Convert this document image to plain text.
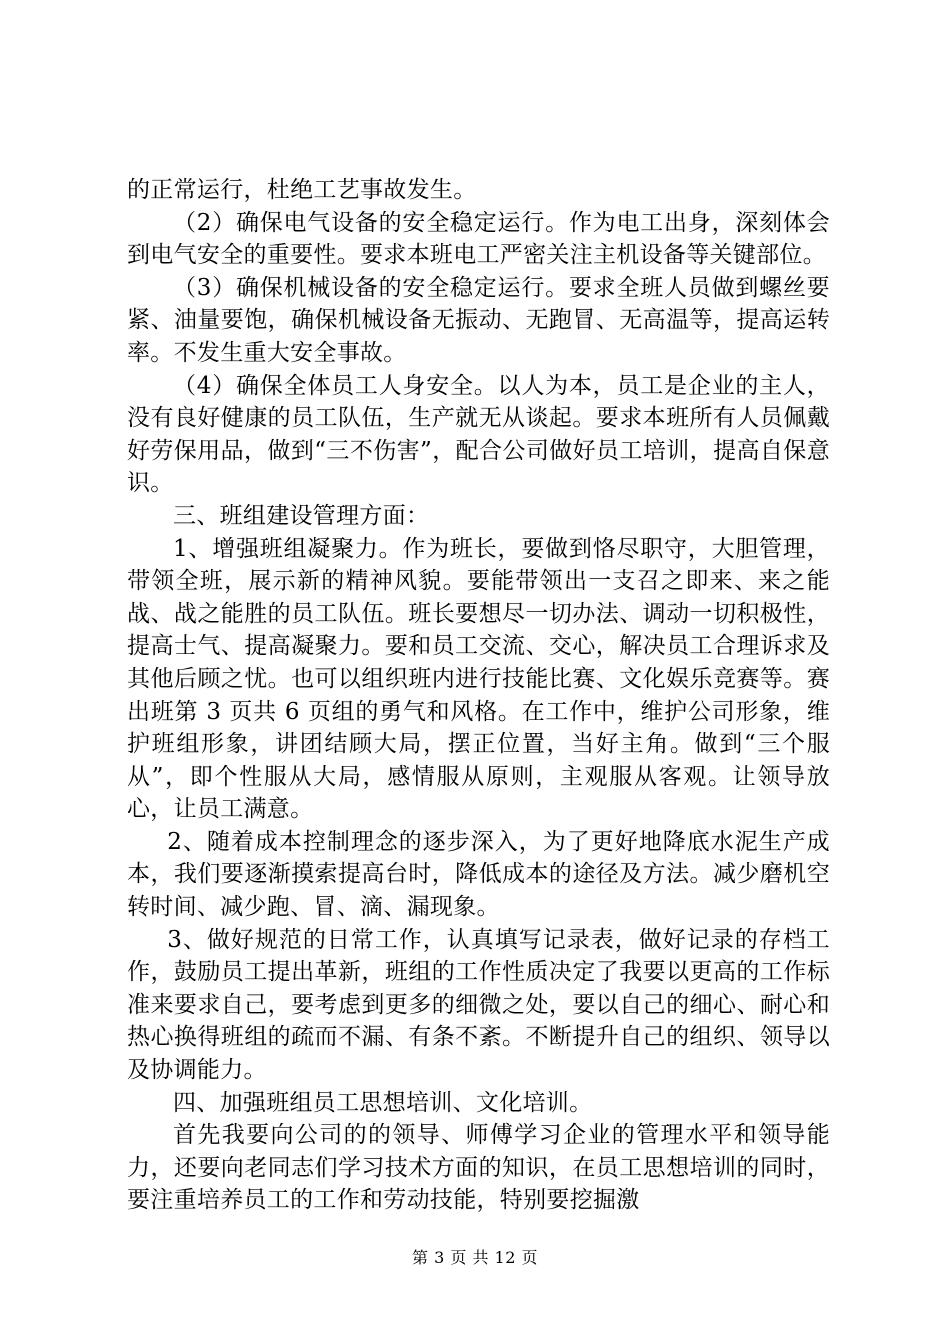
的正常运行，杜绝工艺事故发生。

（2）确保电气设备的安全稳定运行。作为电工出身，深刻体会到电气安全的重要性。要求本班电工严密关注主机设备等关键部位。

（3）确保机械设备的安全稳定运行。要求全班人员做到螺丝要紧、油量要饱，确保机械设备无振动、无跑冒、无高温等，提高运转率。不发生重大安全事故。

（4）确保全体员工人身安全。以人为本，员工是企业的主人，没有良好健康的员工队伍，生产就无从谈起。要求本班所有人员佩戴好劳保用品，做到“三不伤害”，配合公司做好员工培训，提高自保意识。

三、班组建设管理方面：

1、增强班组凝聚力。作为班长，要做到恪尽职守，大胆管理，带领全班，展示新的精神风貌。要能带领出一支召之即来、来之能战、战之能胜的员工队伍。班长要想尽一切办法、调动一切积极性，提高士气、提高凝聚力。要和员工交流、交心，解决员工合理诉求及其他后顾之忧。也可以组织班内进行技能比赛、文化娱乐竞赛等。赛出班第 3 页共 6 页组的勇气和风格。在工作中，维护公司形象，维护班组形象，讲团结顾大局，摆正位置，当好主角。做到“三个服从”，即个性服从大局，感情服从原则，主观服从客观。让领导放心，让员工满意。

2、随着成本控制理念的逐步深入，为了更好地降底水泥生产成本，我们要逐渐摸索提高台时，降低成本的途径及方法。减少磨机空转时间、减少跑、冒、滴、漏现象。

3、做好规范的日常工作，认真填写记录表，做好记录的存档工作，鼓励员工提出革新，班组的工作性质决定了我要以更高的工作标准来要求自己，要考虑到更多的细微之处，要以自己的细心、耐心和热心换得班组的疏而不漏、有条不紊。不断提升自己的组织、领导以及协调能力。

四、加强班组员工思想培训、文化培训。

首先我要向公司的的领导、师傅学习企业的管理水平和领导能力，还要向老同志们学习技术方面的知识，在员工思想培训的同时，要注重培养员工的工作和劳动技能，特别要挖掘激

第 3 页 共 12 页
